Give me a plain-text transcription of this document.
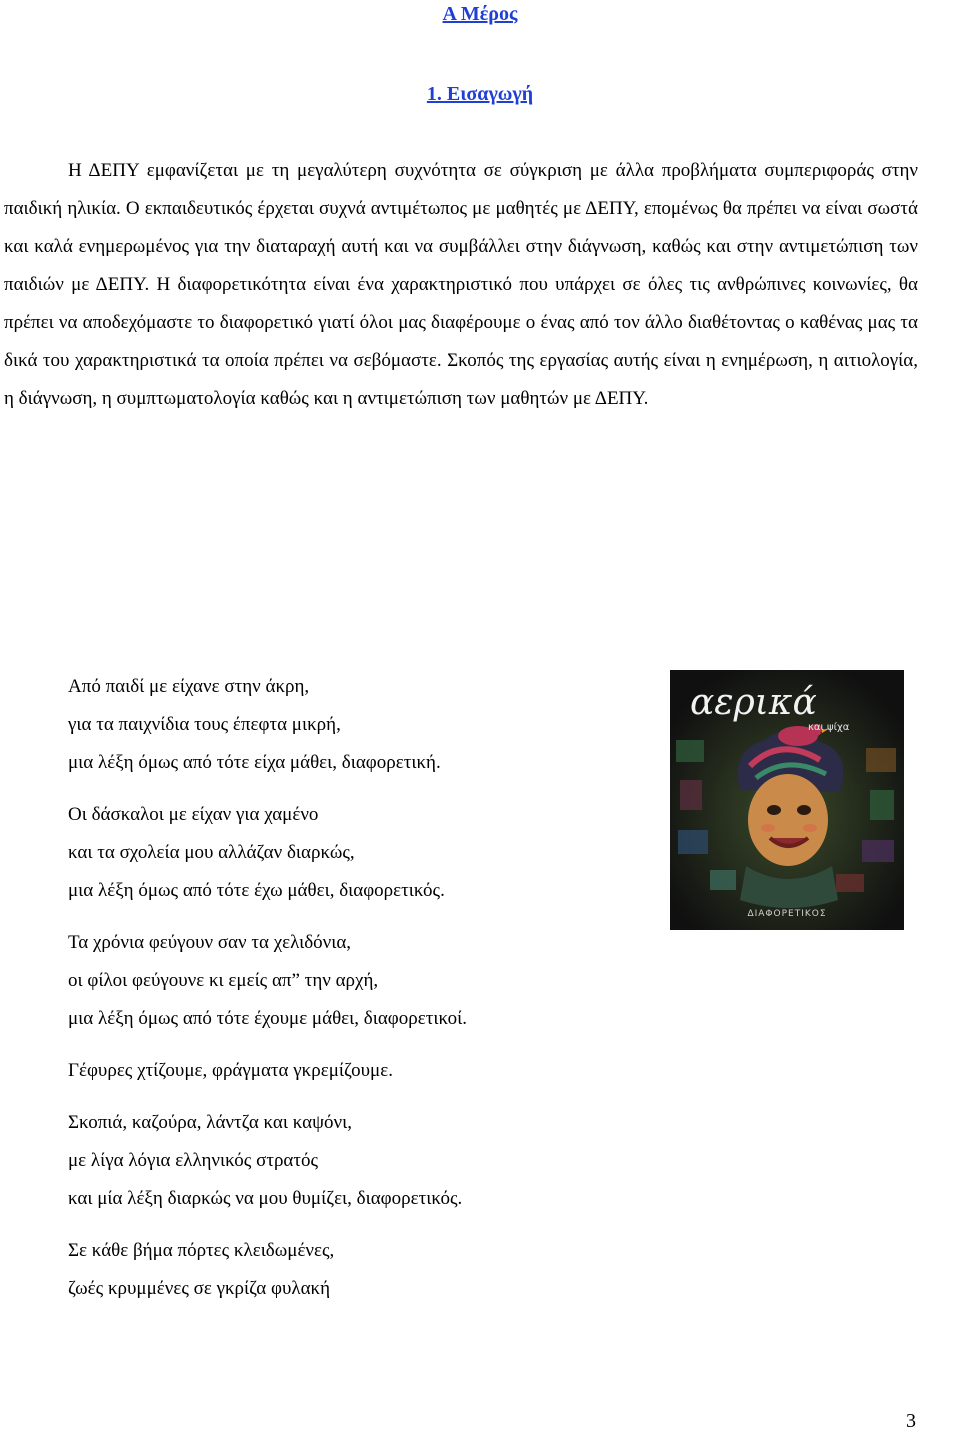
Α Μέρος
1. Εισαγωγή

Η ΔΕΠΥ εμφανίζεται με τη μεγαλύτερη συχνότητα σε σύγκριση με άλλα προβλήματα συμπεριφοράς στην παιδική ηλικία. Ο εκπαιδευτικός έρχεται συχνά αντιμέτωπος με μαθητές με ΔΕΠΥ, επομένως θα πρέπει να είναι σωστά και καλά ενημερωμένος για την διαταραχή αυτή και να συμβάλλει στην διάγνωση, καθώς και στην αντιμετώπιση των παιδιών με ΔΕΠΥ. Η διαφορετικότητα είναι ένα χαρακτηριστικό που υπάρχει σε όλες τις ανθρώπινες κοινωνίες, θα πρέπει να αποδεχόμαστε το διαφορετικό γιατί όλοι μας διαφέρουμε ο ένας από τον άλλο διαθέτοντας ο καθένας μας τα δικά του χαρακτηριστικά τα οποία πρέπει να σεβόμαστε. Σκοπός της εργασίας αυτής είναι η ενημέρωση, η αιτιολογία, η διάγνωση, η συμπτωματολογία καθώς και η αντιμετώπιση των μαθητών με ΔΕΠΥ.

Από παιδί με είχανε στην άκρη,
για τα παιχνίδια τους έπεφτα μικρή,
μια λέξη όμως από τότε είχα μάθει, διαφορετική.
Οι δάσκαλοι με είχαν για χαμένο
και τα σχολεία μου αλλάζαν διαρκώς,
μια λέξη όμως από τότε έχω μάθει, διαφορετικός.
Τα χρόνια φεύγουν σαν τα χελιδόνια,
οι φίλοι φεύγουνε κι εμείς απ” την αρχή,
μια λέξη όμως από τότε έχουμε μάθει, διαφορετικοί.
Γέφυρες χτίζουμε, φράγματα γκρεμίζουμε.
Σκοπιά, καζούρα, λάντζα και καψόνι,
με λίγα λόγια ελληνικός στρατός
και μία λέξη διαρκώς να μου θυμίζει, διαφορετικός.
Σε κάθε βήμα πόρτες κλειδωμένες,
ζωές κρυμμένες σε γκρίζα φυλακή
αερικά
και ψίχα
ΔΙΑΦΟΡΕΤΙΚΟΣ
3
